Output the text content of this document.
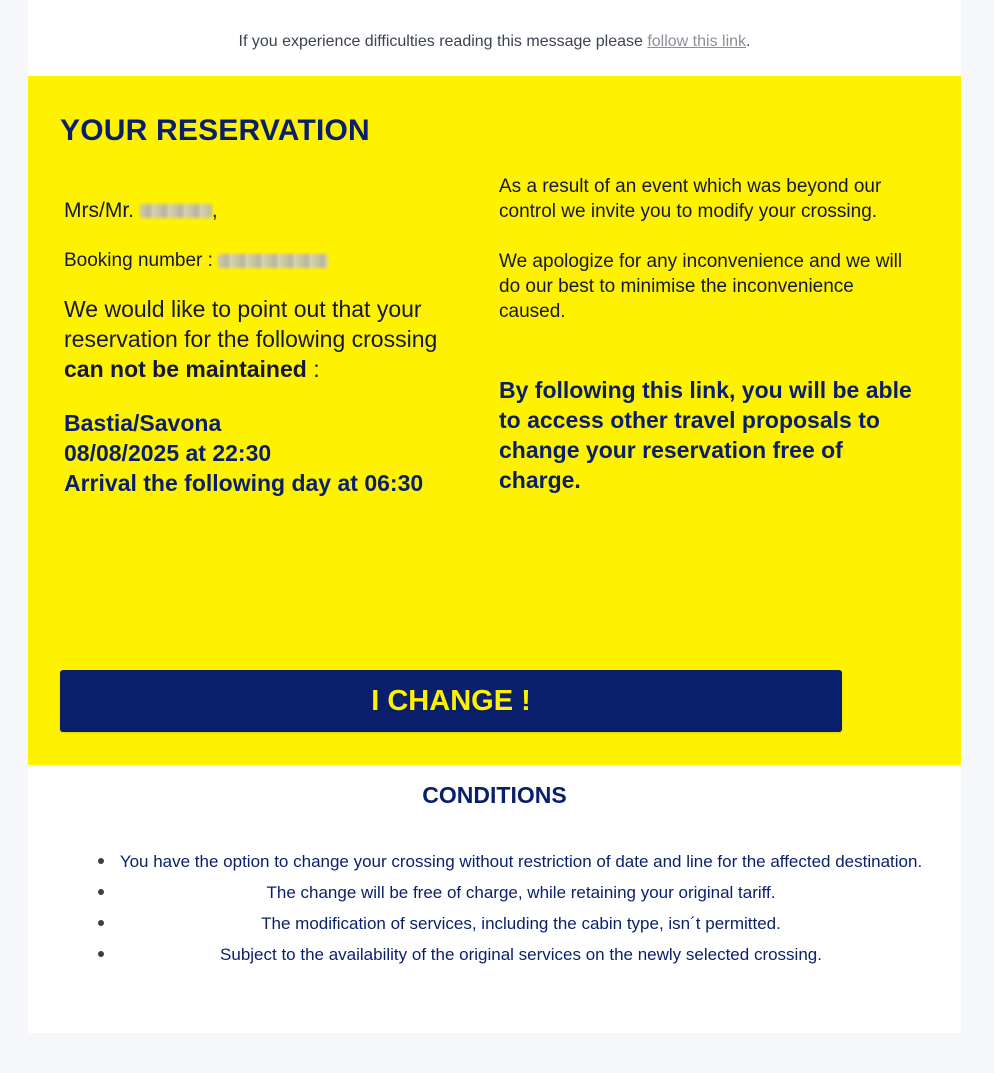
If you experience difficulties reading this message please follow this link.
YOUR RESERVATION

Mrs/Mr.	,

Booking number :

We would like to point out that your reservation for the following crossing can not be maintained :

Bastia/Savona
08/08/2025 at 22:30
Arrival the following day at 06:30

As a result of an event which was beyond our control we invite you to modify your crossing.

We apologize for any inconvenience and we will do our best to minimise the inconvenience caused.

By following this link, you will be able to access other travel proposals to change your reservation free of charge.

I CHANGE !
CONDITIONS
You have the option to change your crossing without restriction of date and line for the affected destination.
The change will be free of charge, while retaining your original tariff.
The modification of services, including the cabin type, isn´t permitted.
Subject to the availability of the original services on the newly selected crossing.
